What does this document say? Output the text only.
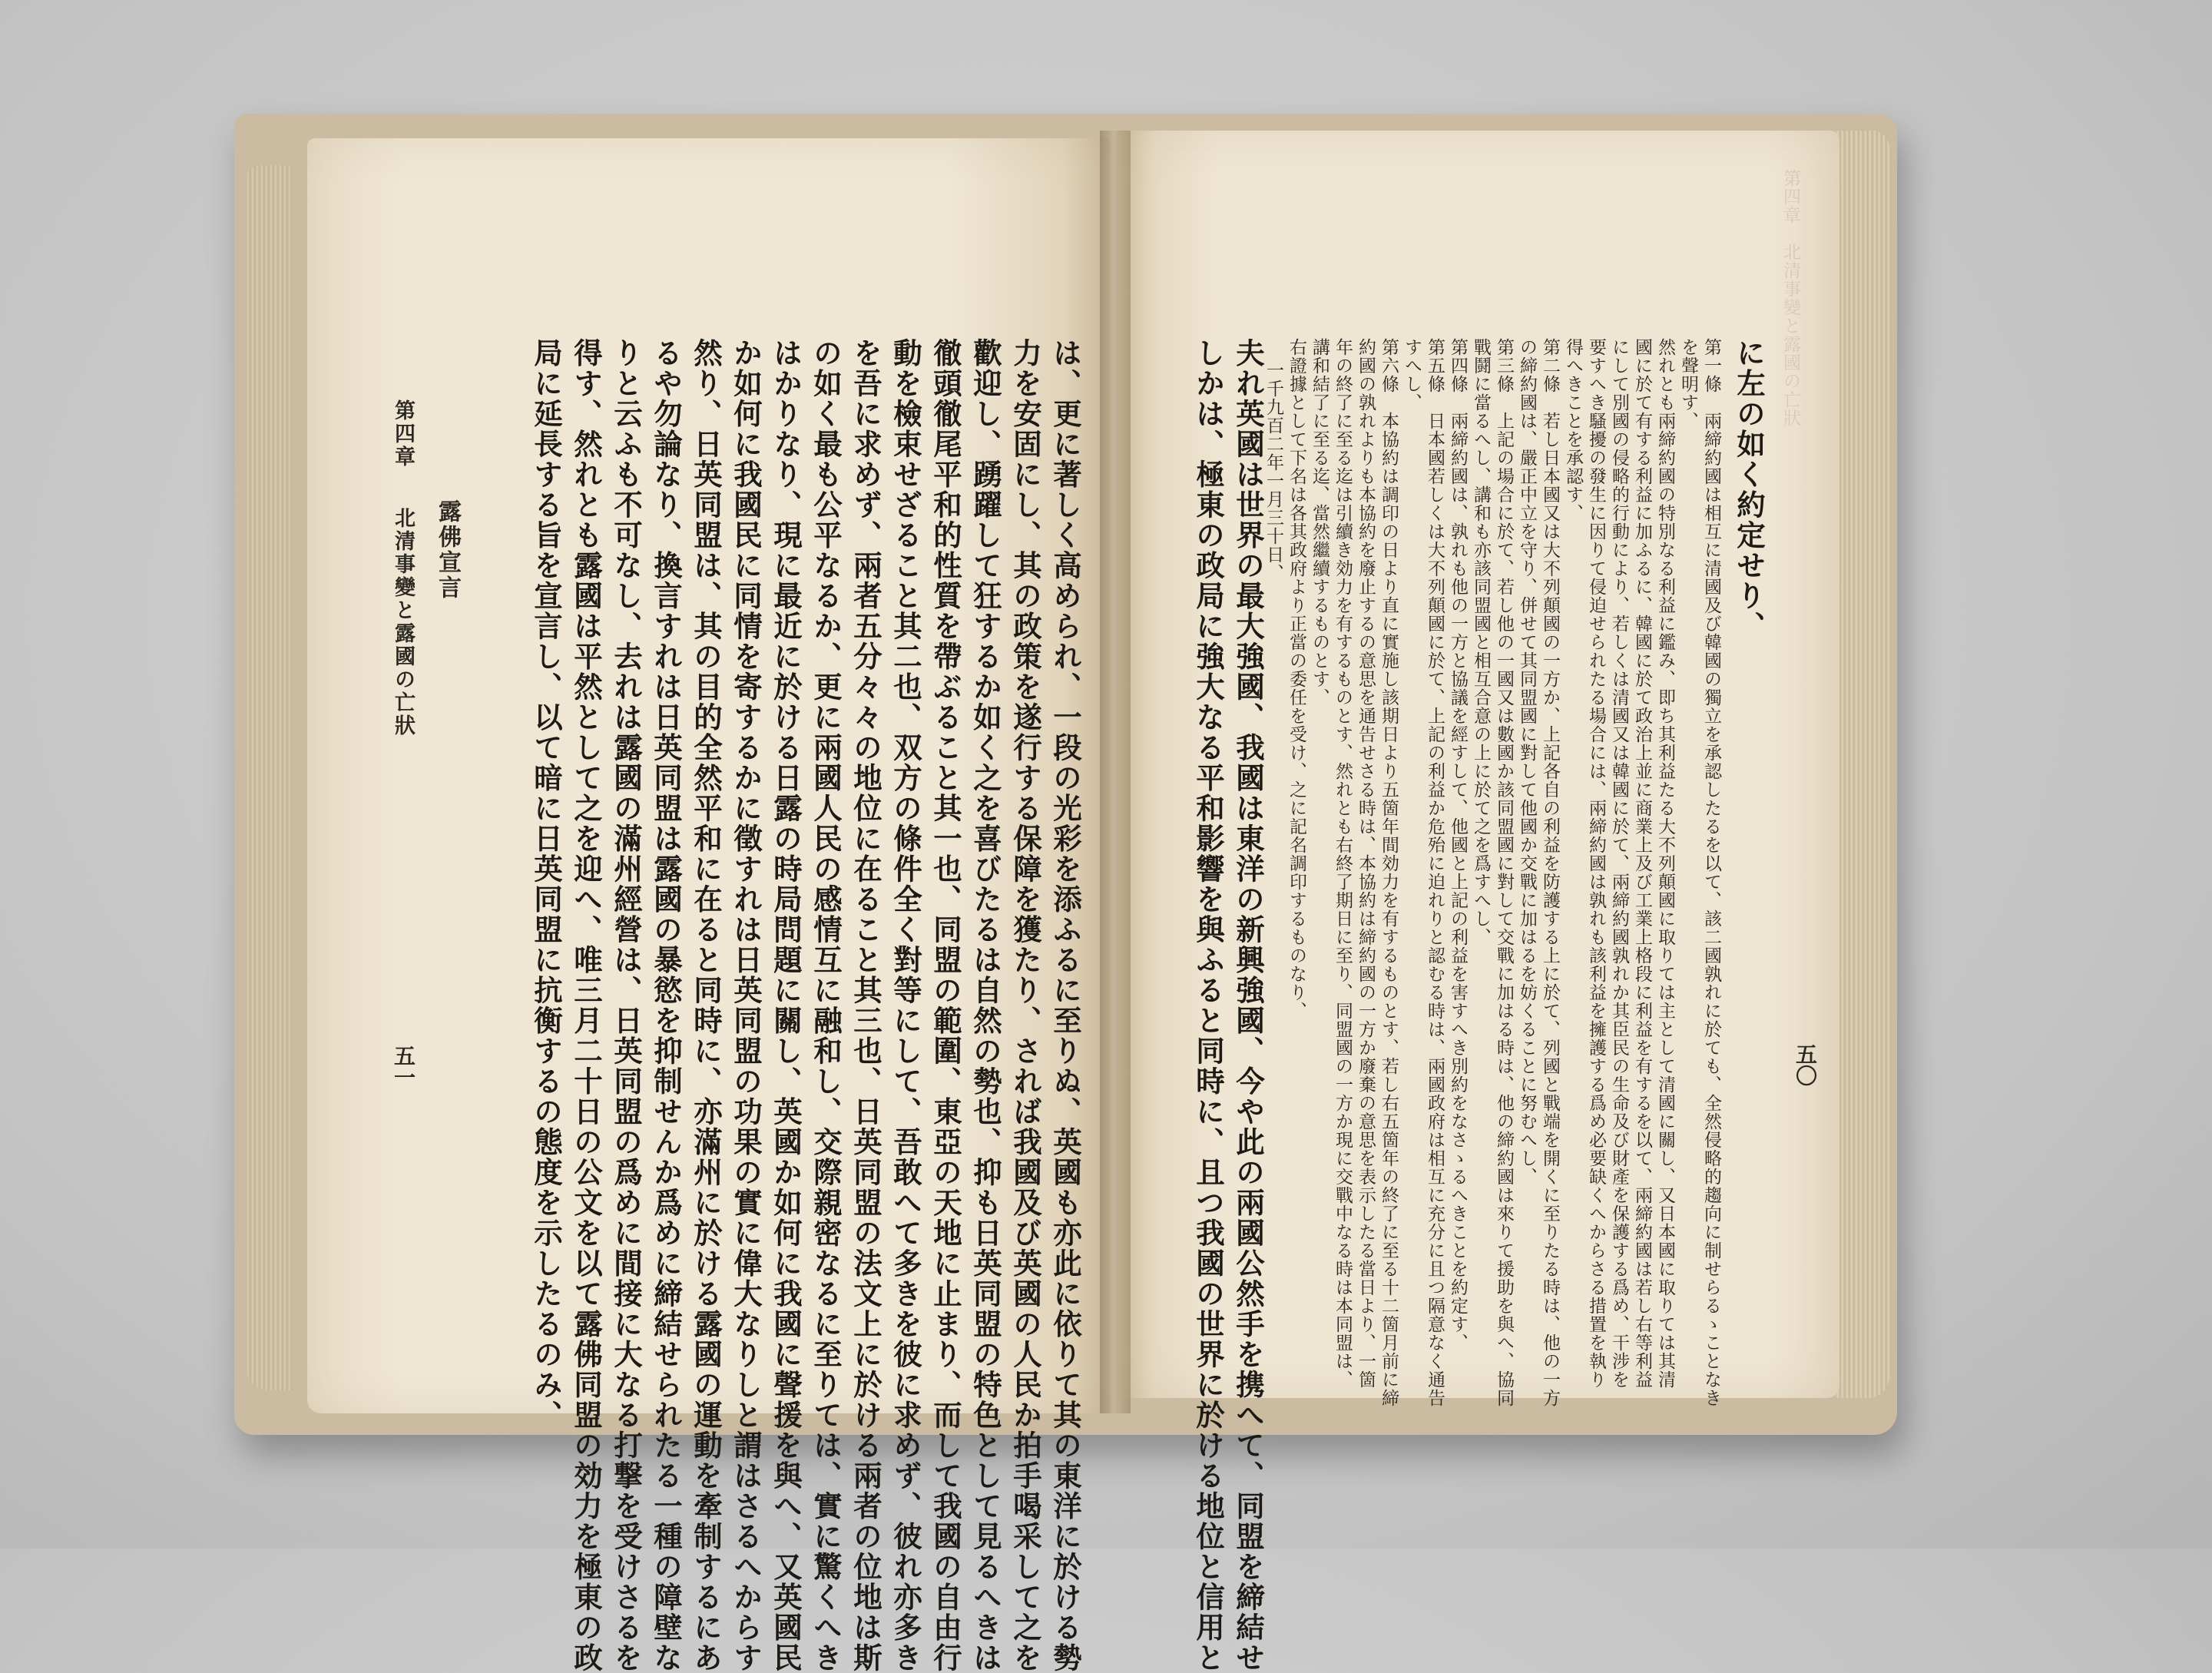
第四章
北清事變と露國の亡狀 露佛宣言
五一	は、更に著しく高められ、一段の光彩を添ふるに至りぬ、英國も亦此に依りて其の東洋に於ける勢
力を安固にし、其の政策を遂行する保障を獲たり、されば我國及び英國の人民か拍手喝采して之を
歡迎し、踴躍して狂するか如く之を喜びたるは自然の勢也、抑も日英同盟の特色として見るへきは
徹頭徹尾平和的性質を帶ぶること其一也、同盟の範圍、東亞の天地に止まり、而して我國の自由行
動を檢束せざること其二也、双方の條件全く對等にして、吾敢へて多きを彼に求めず、彼れ亦多き
を吾に求めず、兩者五分々々の地位に在ること其三也、日英同盟の法文上に於ける兩者の位地は斯
の如く最も公平なるか、更に兩國人民の感情互に融和し、交際親密なるに至りては、實に驚くへき
はかりなり、現に最近に於ける日露の時局問題に關し、英國か如何に我國に聲援を與へ、又英國民
か如何に我國民に同情を寄するかに徵すれは日英同盟の功果の實に偉大なりしと謂はさるへからす
然り、日英同盟は、其の目的全然平和に在ると同時に、亦滿州に於ける露國の運動を牽制するにあ
るや勿論なり、換言すれは日英同盟は露國の暴慾を抑制せんか爲めに締結せられたる一種の障壁な
りと云ふも不可なし、去れは露國の滿州經營は、日英同盟の爲めに間接に大なる打撃を受けさるを
得す、然れとも露國は平然として之を迎へ、唯三月二十日の公文を以て露佛同盟の効力を極東の政
局に延長する旨を宣言し、以て暗に日英同盟に抗衡するの態度を示したるのみ、
第四章　北清事變と露國の亡狀
五〇
に左の如く約定せり、
第一條　兩締約國は相互に清國及び韓國の獨立を承認したるを以て、該二國孰れに於ても、全然侵略的趨向に制せらるゝことなき
を聲明す、
然れとも兩締約國の特別なる利益に鑑み、即ち其利益たる大不列顛國に取りては主として清國に關し、又日本國に取りては其清
國に於て有する利益に加ふるに、韓國に於て政治上並に商業上及び工業上格段に利益を有するを以て、兩締約國は若し右等利益
にして別國の侵略的行動により、若しくは清國又は韓國に於て、兩締約國孰れか其臣民の生命及び財產を保護する爲め、干涉を
要すへき騷擾の發生に因りて侵迫せられたる場合には、兩締約國は孰れも該利益を擁護する爲め必要缺くへからさる措置を執り
得へきことを承認す、
第二條　若し日本國又は大不列顛國の一方か、上記各自の利益を防護する上に於て、列國と戰端を開くに至りたる時は、他の一方
の締約國は、嚴正中立を守り、併せて其同盟國に對して他國か交戰に加はるを妨くることに努むへし、
第三條　上記の場合に於て、若し他の一國又は數國か該同盟國に對して交戰に加はる時は、他の締約國は來りて援助を與へ、協同
戰鬪に當るへし、講和も亦該同盟國と相互合意の上に於て之を爲すへし、
第四條　兩締約國は、孰れも他の一方と協議を經すして、他國と上記の利益を害すへき別約をなさゝるへきことを約定す、
第五條　日本國若しくは大不列顛國に於て、上記の利益か危殆に迫れりと認むる時は、兩國政府は相互に充分に且つ隔意なく通告
すへし、
第六條　本協約は調印の日より直に實施し該期日より五箇年間効力を有するものとす、若し右五箇年の終了に至る十二箇月前に締
約國の孰れよりも本協約を廢止するの意思を通告せさる時は、本協約は締約國の一方か廢棄の意思を表示したる當日より、一箇
年の終了に至る迄は引續き効力を有するものとす、然れとも右終了期日に至り、同盟國の一方か現に交戰中なる時は本同盟は、
講和結了に至る迄、當然繼續するものとす、
右證據として下名は各其政府より正當の委任を受け、之に記名調印するものなり、
一千九百二年一月三十日、
夫れ英國は世界の最大強國、我國は東洋の新興強國、今や此の兩國公然手を携へて、同盟を締結せ
しかは、極東の政局に強大なる平和影響を與ふると同時に、且つ我國の世界に於ける地位と信用と
